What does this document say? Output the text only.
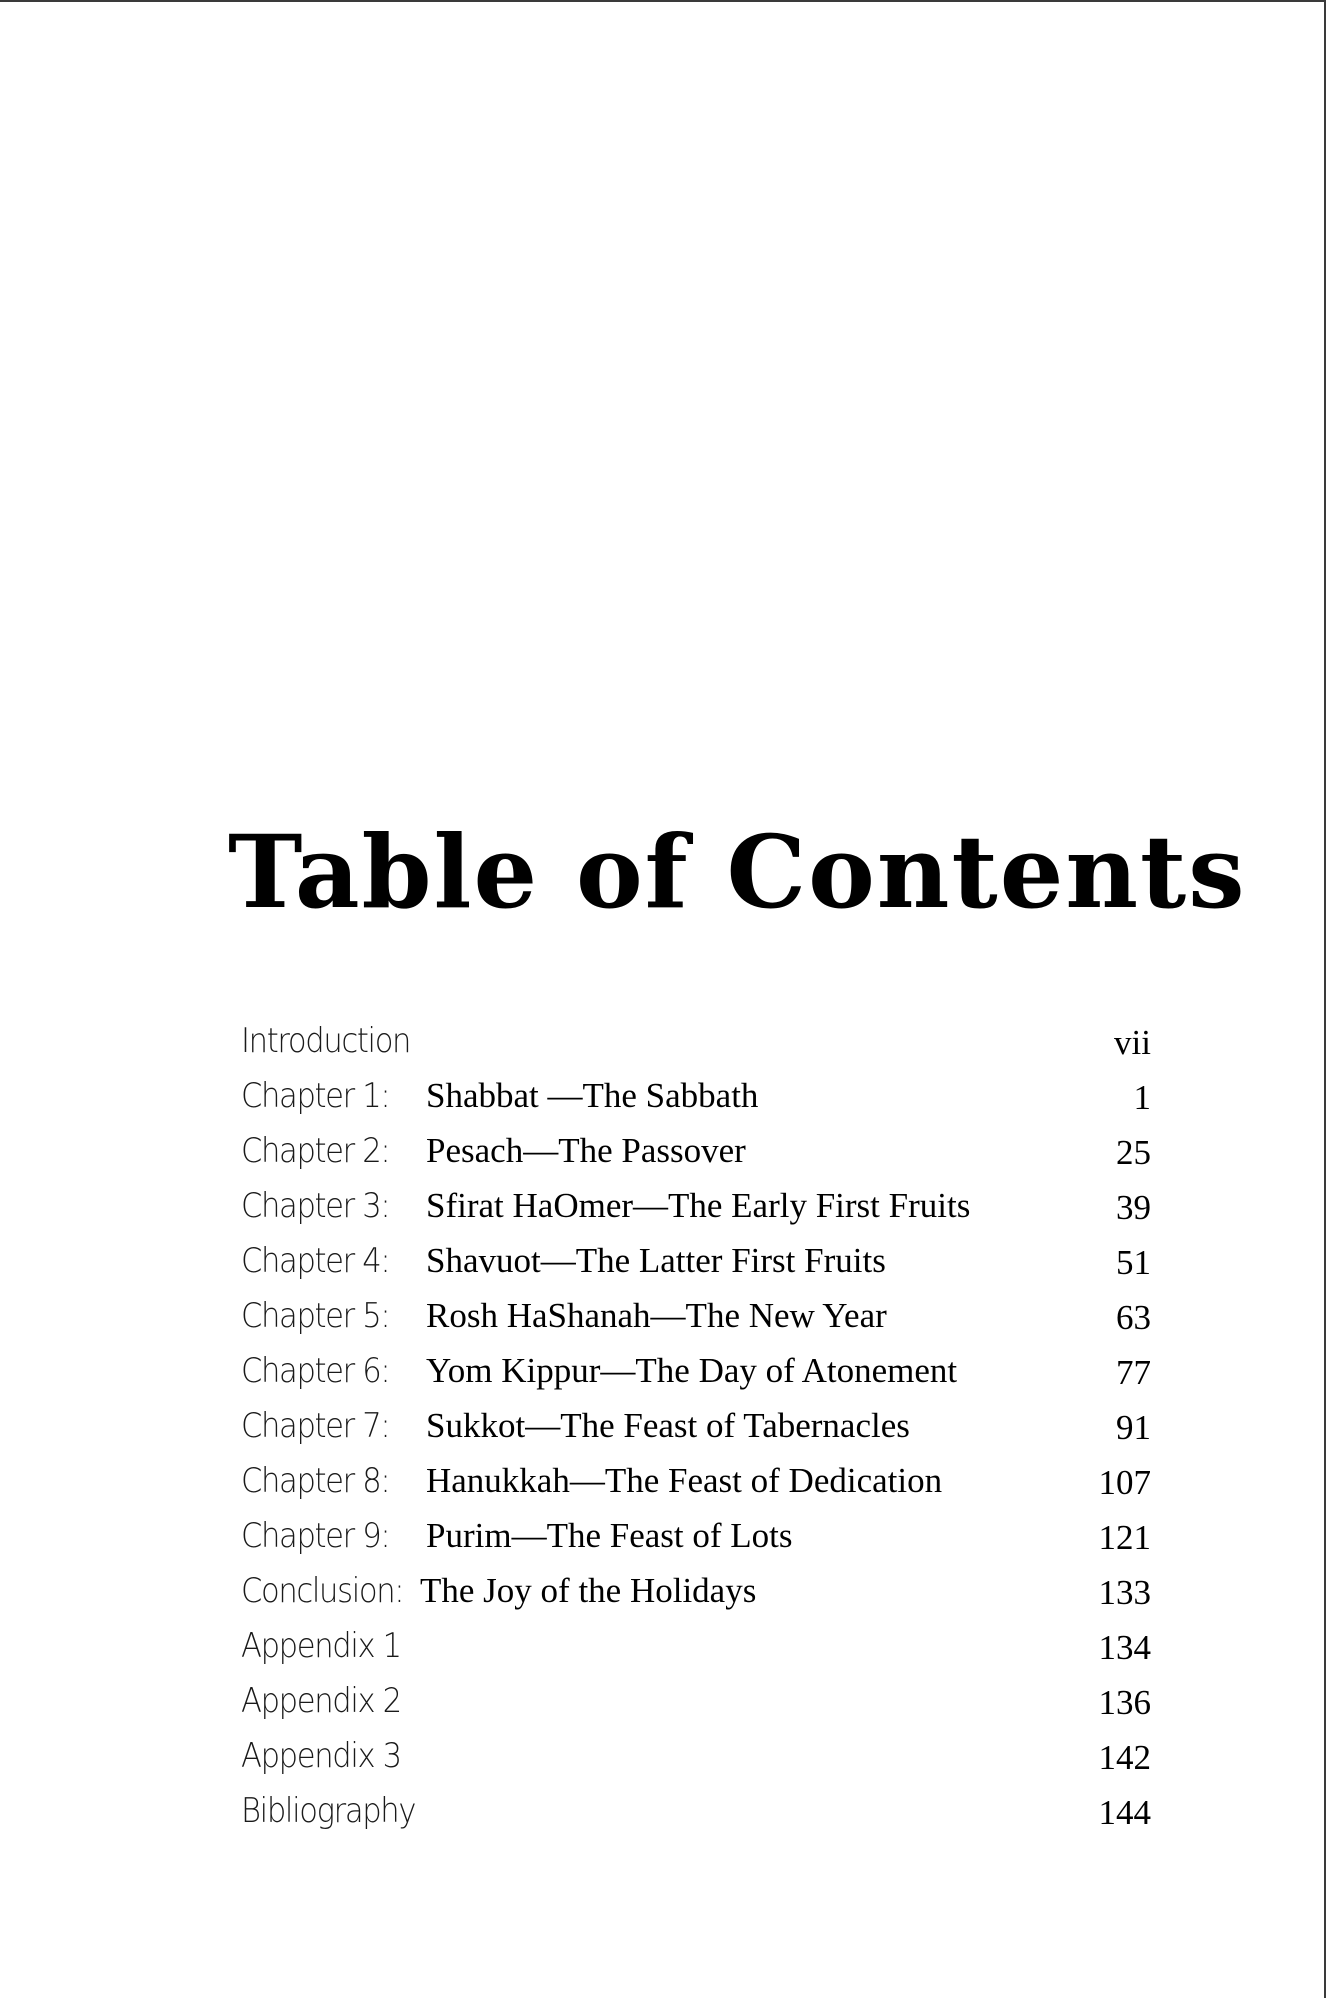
Table of Contents
Introduction	vii
Chapter 1: Shabbat —The Sabbath	1
Chapter 2: Pesach—The Passover	25
Chapter 3: Sfirat HaOmer—The Early First Fruits	39
Chapter 4: Shavuot—The Latter First Fruits	51
Chapter 5: Rosh HaShanah—The New Year	63
Chapter 6: Yom Kippur—The Day of Atonement	77
Chapter 7: Sukkot—The Feast of Tabernacles	91
Chapter 8: Hanukkah—The Feast of Dedication	107
Chapter 9: Purim—The Feast of Lots	121
Conclusion: The Joy of the Holidays	133
Appendix 1	134
Appendix 2	136
Appendix 3	142
Bibliography	144
